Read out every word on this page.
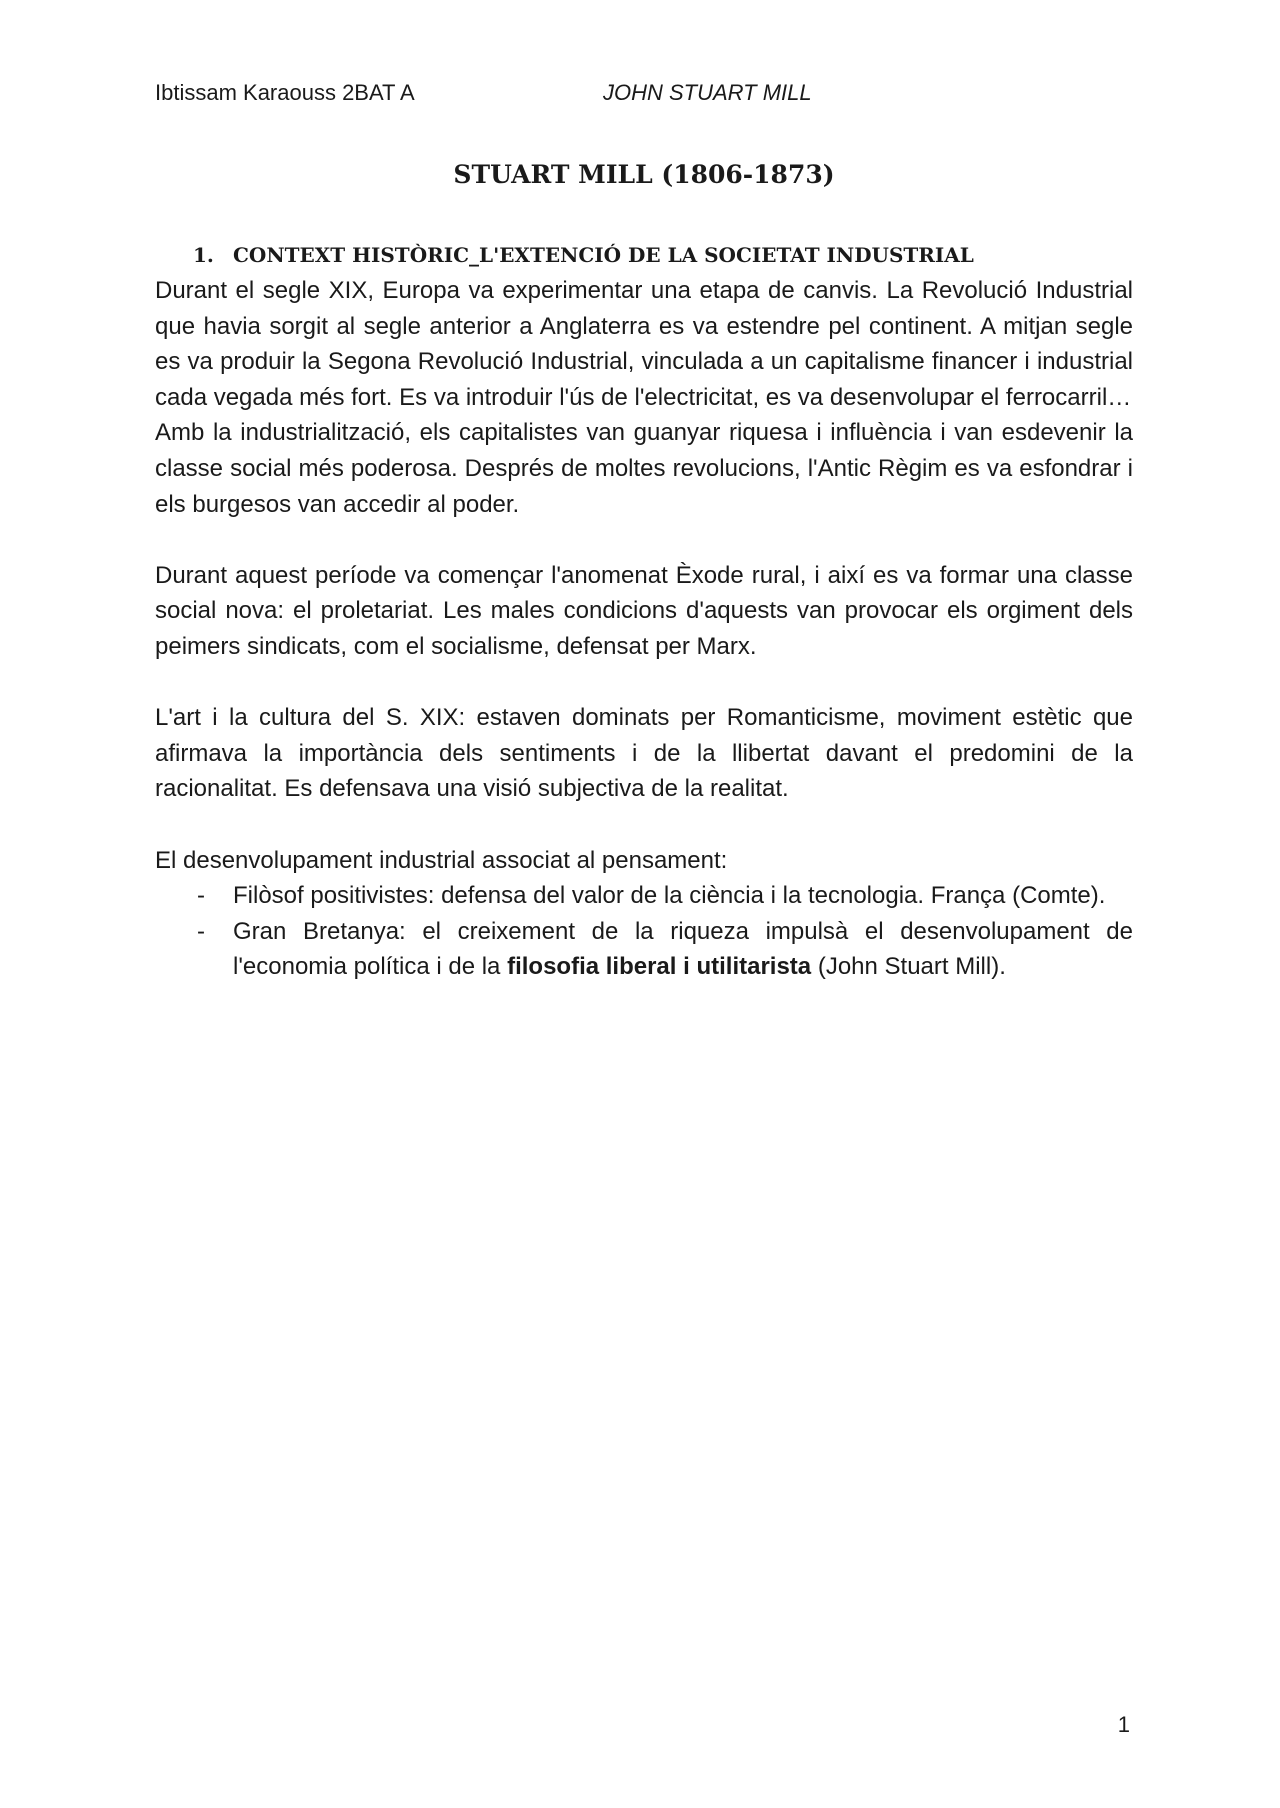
Ibtissam Karaouss 2BAT A	JOHN STUART MILL
STUART MILL (1806-1873)
1. CONTEXT HISTÒRIC_L'EXTENCIÓ DE LA SOCIETAT INDUSTRIAL

Durant el segle XIX, Europa va experimentar una etapa de canvis. La Revolució Industrial que havia sorgit al segle anterior a Anglaterra es va estendre pel continent. A mitjan segle es va produir la Segona Revolució Industrial, vinculada a un capitalisme financer i industrial cada vegada més fort. Es va introduir l'ús de l'electricitat, es va desenvolupar el ferrocarril…

Amb la industrialització, els capitalistes van guanyar riquesa i influència i van esdevenir la classe social més poderosa. Després de moltes revolucions, l'Antic Règim es va esfondrar i els burgesos van accedir al poder.

Durant aquest període va començar l'anomenat Èxode rural, i així es va formar una classe social nova: el proletariat. Les males condicions d'aquests van provocar els orgiment dels peimers sindicats, com el socialisme, defensat per Marx.

L'art i la cultura del S. XIX: estaven dominats per Romanticisme, moviment estètic que afirmava la importància dels sentiments i de la llibertat davant el predomini de la racionalitat. Es defensava una visió subjectiva de la realitat.

El desenvolupament industrial associat al pensament:

- Filòsof positivistes: defensa del valor de la ciència i la tecnologia. França (Comte).
- Gran Bretanya: el creixement de la riqueza impulsà el desenvolupament de l'economia política i de la filosofia liberal i utilitarista (John Stuart Mill).
1
